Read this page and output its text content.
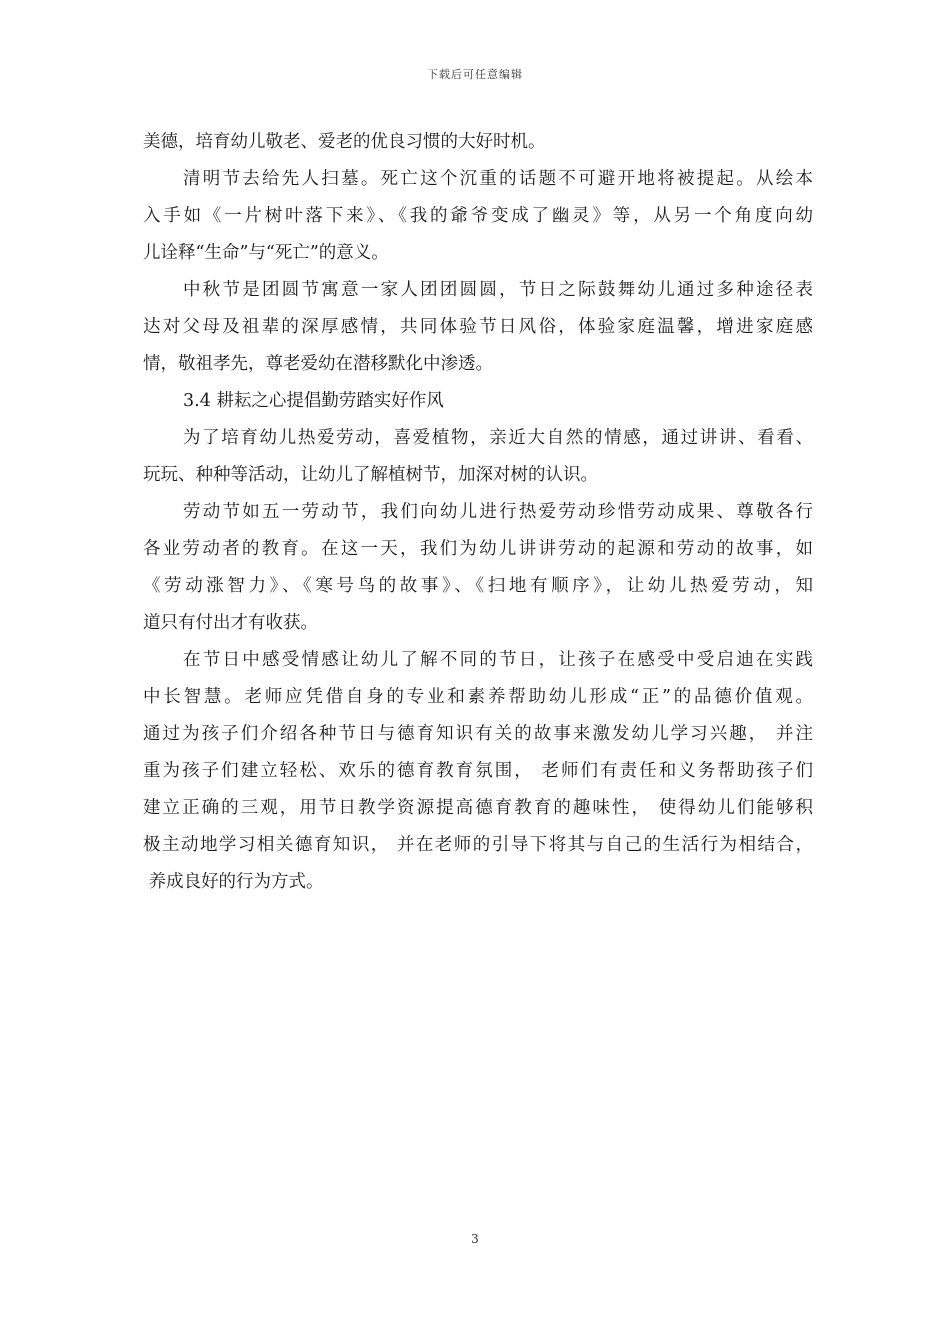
下载后可任意编辑
美德，培育幼儿敬老、爱老的优良习惯的大好时机。
清明节去给先人扫墓。死亡这个沉重的话题不可避开地将被提起。从绘本
入手如《一片树叶落下来》、《我的爺爷变成了幽灵》等，从另一个角度向幼
儿诠释“生命”与“死亡”的意义。
中秋节是团圆节寓意一家人团团圆圆，节日之际鼓舞幼儿通过多种途径表
达对父母及祖辈的深厚感情，共同体验节日风俗，体验家庭温馨，增进家庭感
情，敬祖孝先，尊老爱幼在潜移默化中渗透。
3.4 耕耘之心提倡勤劳踏实好作风
为了培育幼儿热爱劳动，喜爱植物，亲近大自然的情感，通过讲讲、看看、
玩玩、种种等活动，让幼儿了解植树节，加深对树的认识。
劳动节如五一劳动节，我们向幼儿进行热爱劳动珍惜劳动成果、尊敬各行
各业劳动者的教育。在这一天，我们为幼儿讲讲劳动的起源和劳动的故事，如
《劳动涨智力》、《寒号鸟的故事》、《扫地有顺序》，让幼儿热爱劳动，知
道只有付出才有收获。
在节日中感受情感让幼儿了解不同的节日，让孩子在感受中受启迪在实践
中长智慧。老师应凭借自身的专业和素养帮助幼儿形成“正”的品德价值观。
通过为孩子们介绍各种节日与德育知识有关的故事来激发幼儿学习兴趣， 并注
重为孩子们建立轻松、欢乐的德育教育氛围， 老师们有责任和义务帮助孩子们
建立正确的三观，用节日教学资源提高德育教育的趣味性， 使得幼儿们能够积
极主动地学习相关德育知识， 并在老师的引导下将其与自己的生活行为相结合，
养成良好的行为方式。
3
